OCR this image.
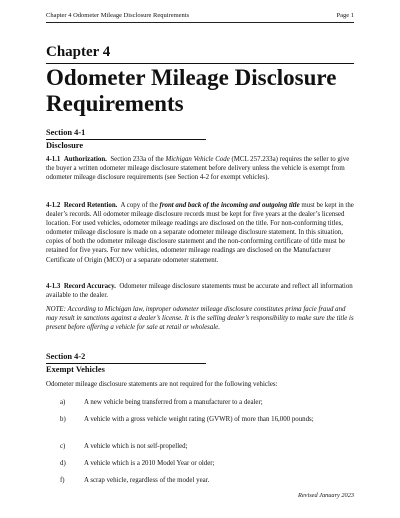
Chapter 4 Odometer Mileage Disclosure Requirements	Page 1
Chapter 4
Odometer Mileage Disclosure Requirements
Section 4-1
Disclosure
4-1.1 Authorization. Section 233a of the Michigan Vehicle Code (MCL 257.233a) requires the seller to give the buyer a written odometer mileage disclosure statement before delivery unless the vehicle is exempt from odometer mileage disclosure requirements (see Section 4-2 for exempt vehicles).
4-1.2 Record Retention. A copy of the front and back of the incoming and outgoing title must be kept in the dealer’s records. All odometer mileage disclosure records must be kept for five years at the dealer’s licensed location. For used vehicles, odometer mileage readings are disclosed on the title. For non-conforming titles, odometer mileage disclosure is made on a separate odometer mileage disclosure statement. In this situation, copies of both the odometer mileage disclosure statement and the non-conforming certificate of title must be retained for five years. For new vehicles, odometer mileage readings are disclosed on the Manufacturer Certificate of Origin (MCO) or a separate odometer statement.
4-1.3 Record Accuracy. Odometer mileage disclosure statements must be accurate and reflect all information available to the dealer.
NOTE: According to Michigan law, improper odometer mileage disclosure constitutes prima facie fraud and may result in sanctions against a dealer’s license. It is the selling dealer’s responsibility to make sure the title is present before offering a vehicle for sale at retail or wholesale.
Section 4-2
Exempt Vehicles
Odometer mileage disclosure statements are not required for the following vehicles:
a)	A new vehicle being transferred from a manufacturer to a dealer;
b)	A vehicle with a gross vehicle weight rating (GVWR) of more than 16,000 pounds;
c)	A vehicle which is not self-propelled;
d)	A vehicle which is a 2010 Model Year or older;
f)	A scrap vehicle, regardless of the model year.
Revised January 2023
